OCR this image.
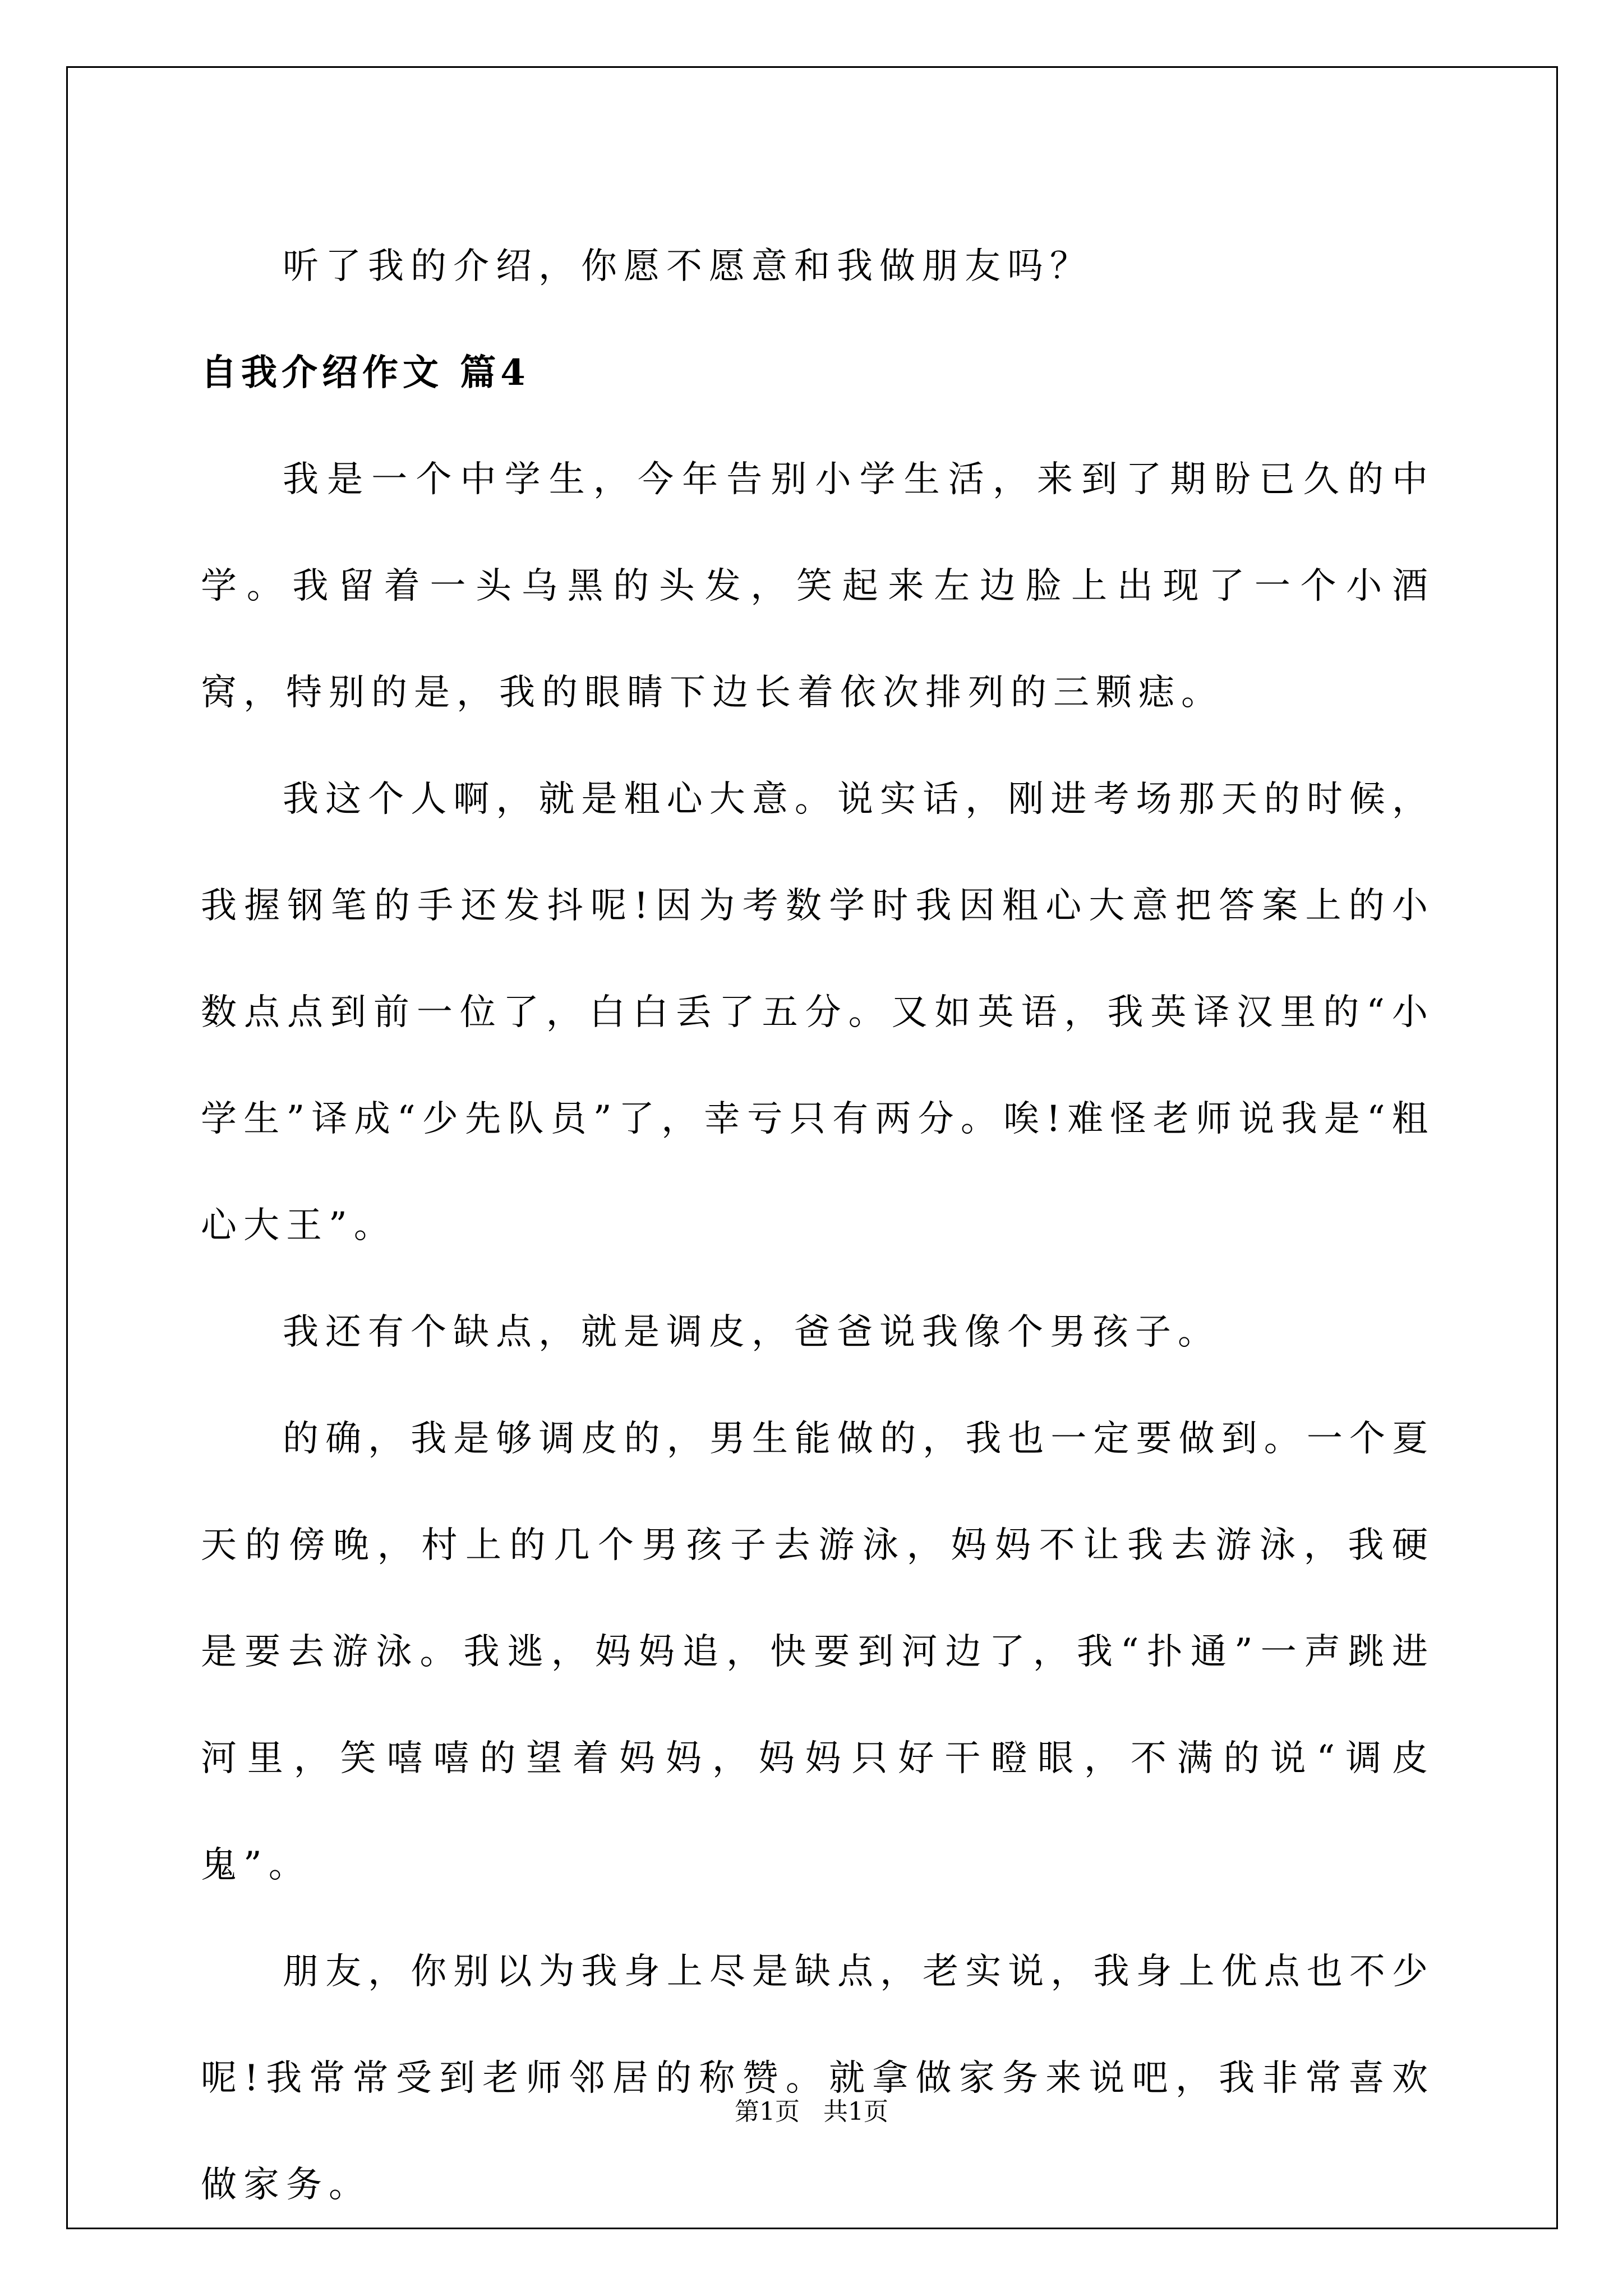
听了我的介绍，你愿不愿意和我做朋友吗？

自我介绍作文 篇4

我是一个中学生，今年告别小学生活，来到了期盼已久的中学。我留着一头乌黑的头发，笑起来左边脸上出现了一个小酒窝，特别的是，我的眼睛下边长着依次排列的三颗痣。

我这个人啊，就是粗心大意。说实话，刚进考场那天的时候，我握钢笔的手还发抖呢!因为考数学时我因粗心大意把答案上的小数点点到前一位了，白白丢了五分。又如英语，我英译汉里的“小学生”译成“少先队员”了，幸亏只有两分。唉!难怪老师说我是“粗心大王”。

我还有个缺点，就是调皮，爸爸说我像个男孩子。

的确，我是够调皮的，男生能做的，我也一定要做到。一个夏天的傍晚，村上的几个男孩子去游泳，妈妈不让我去游泳，我硬是要去游泳。我逃，妈妈追，快要到河边了，我“扑通”一声跳进河里，笑嘻嘻的望着妈妈，妈妈只好干瞪眼，不满的说“调皮鬼”。

朋友，你别以为我身上尽是缺点，老实说，我身上优点也不少呢!我常常受到老师邻居的称赞。就拿做家务来说吧，我非常喜欢做家务。

第1页   共1页
